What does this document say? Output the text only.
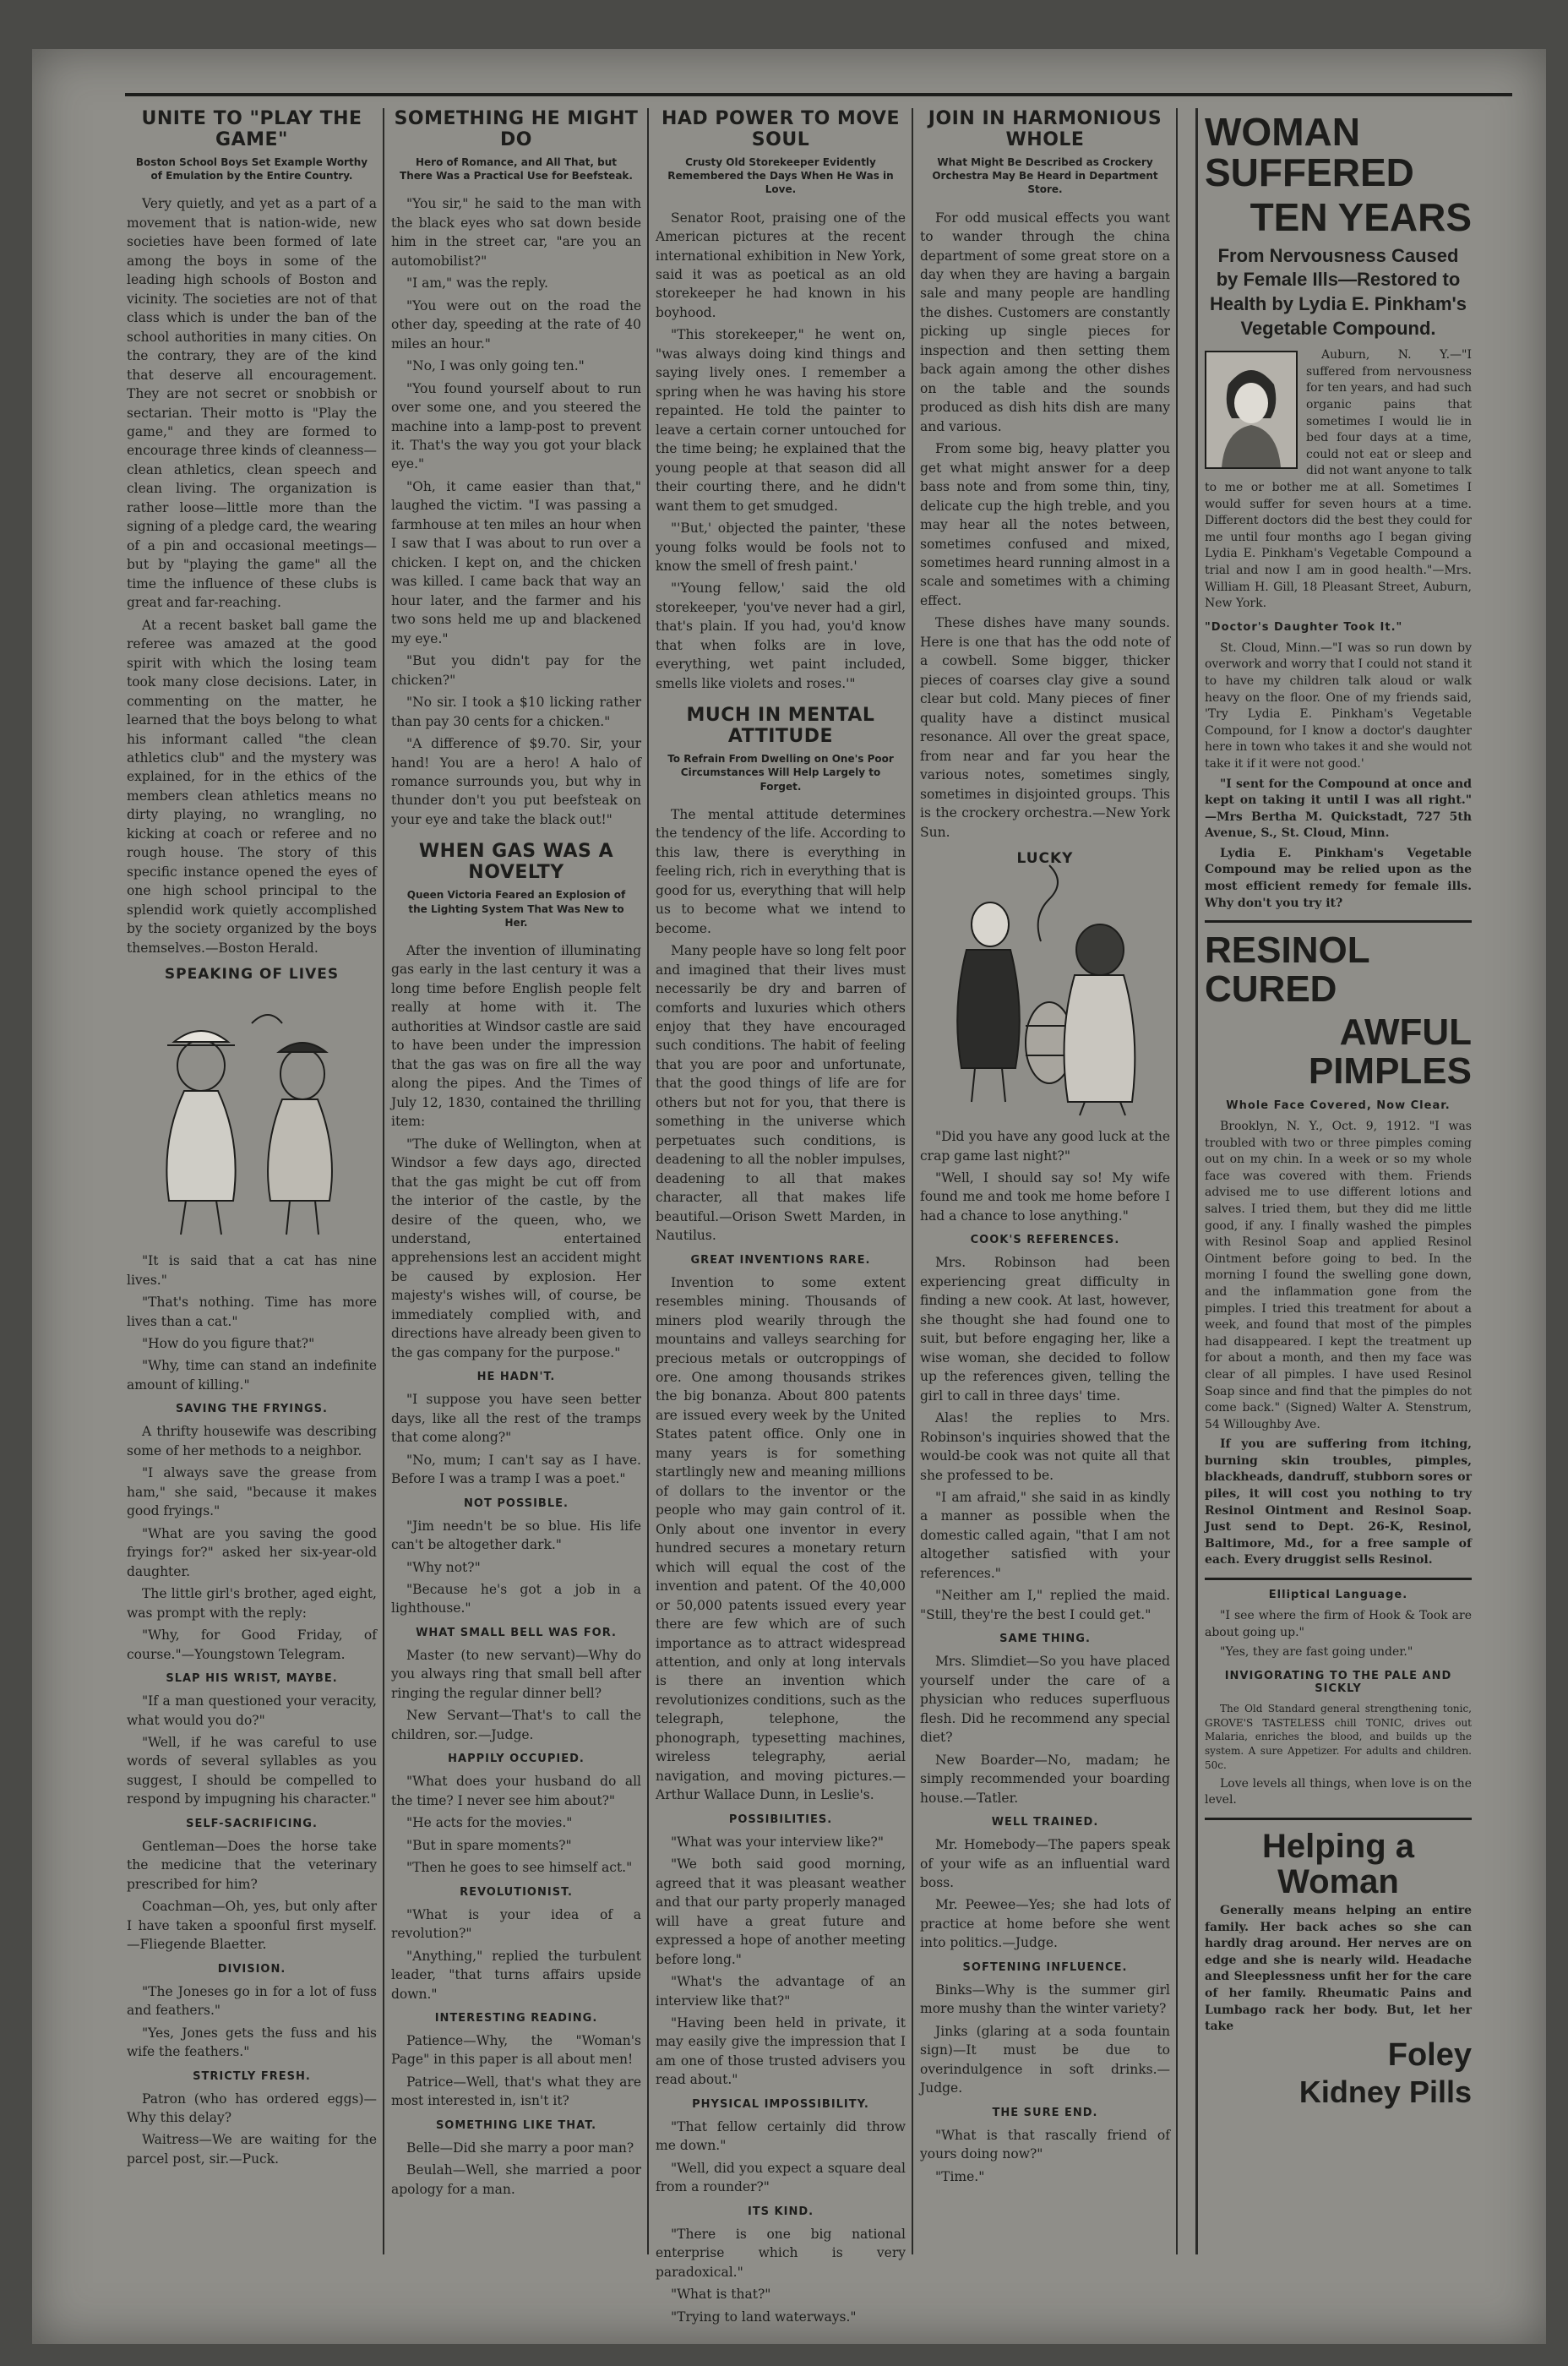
UNITE TO "PLAY THE GAME"
Boston School Boys Set Example Worthy of Emulation by the Entire Country.

Very quietly, and yet as a part of a movement that is nation-wide, new societies have been formed of late among the boys in some of the leading high schools of Boston and vicinity. The societies are not of that class which is under the ban of the school authorities in many cities. On the contrary, they are of the kind that deserve all encouragement. They are not secret or snobbish or sectarian. Their motto is "Play the game," and they are formed to encourage three kinds of cleanness—clean athletics, clean speech and clean living. The organization is rather loose—little more than the signing of a pledge card, the wearing of a pin and occasional meetings—but by "playing the game" all the time the influence of these clubs is great and far-reaching.

At a recent basket ball game the referee was amazed at the good spirit with which the losing team took many close decisions. Later, in commenting on the matter, he learned that the boys belong to what his informant called "the clean athletics club" and the mystery was explained, for in the ethics of the members clean athletics means no dirty playing, no wrangling, no kicking at coach or referee and no rough house. The story of this specific instance opened the eyes of one high school principal to the splendid work quietly accomplished by the society organized by the boys themselves.—Boston Herald.

SPEAKING OF LIVES

"It is said that a cat has nine lives."

"That's nothing. Time has more lives than a cat."

"How do you figure that?"

"Why, time can stand an indefinite amount of killing."

SAVING THE FRYINGS.

A thrifty housewife was describing some of her methods to a neighbor.

"I always save the grease from ham," she said, "because it makes good fryings."

"What are you saving the good fryings for?" asked her six-year-old daughter.

The little girl's brother, aged eight, was prompt with the reply:

"Why, for Good Friday, of course."—Youngstown Telegram.

SLAP HIS WRIST, MAYBE.

"If a man questioned your veracity, what would you do?"

"Well, if he was careful to use words of several syllables as you suggest, I should be compelled to respond by impugning his character."

SELF-SACRIFICING.

Gentleman—Does the horse take the medicine that the veterinary prescribed for him?

Coachman—Oh, yes, but only after I have taken a spoonful first myself.—Fliegende Blaetter.

DIVISION.

"The Joneses go in for a lot of fuss and feathers."

"Yes, Jones gets the fuss and his wife the feathers."

STRICTLY FRESH.

Patron (who has ordered eggs)—Why this delay?

Waitress—We are waiting for the parcel post, sir.—Puck.

SOMETHING HE MIGHT DO
Hero of Romance, and All That, but There Was a Practical Use for Beefsteak.

"You sir," he said to the man with the black eyes who sat down beside him in the street car, "are you an automobilist?"

"I am," was the reply.

"You were out on the road the other day, speeding at the rate of 40 miles an hour."

"No, I was only going ten."

"You found yourself about to run over some one, and you steered the machine into a lamp-post to prevent it. That's the way you got your black eye."

"Oh, it came easier than that," laughed the victim. "I was passing a farmhouse at ten miles an hour when I saw that I was about to run over a chicken. I kept on, and the chicken was killed. I came back that way an hour later, and the farmer and his two sons held me up and blackened my eye."

"But you didn't pay for the chicken?"

"No sir. I took a $10 licking rather than pay 30 cents for a chicken."

"A difference of $9.70. Sir, your hand! You are a hero! A halo of romance surrounds you, but why in thunder don't you put beefsteak on your eye and take the black out!"

WHEN GAS WAS A NOVELTY
Queen Victoria Feared an Explosion of the Lighting System That Was New to Her.

After the invention of illuminating gas early in the last century it was a long time before English people felt really at home with it. The authorities at Windsor castle are said to have been under the impression that the gas was on fire all the way along the pipes. And the Times of July 12, 1830, contained the thrilling item:

"The duke of Wellington, when at Windsor a few days ago, directed that the gas might be cut off from the interior of the castle, by the desire of the queen, who, we understand, entertained apprehensions lest an accident might be caused by explosion. Her majesty's wishes will, of course, be immediately complied with, and directions have already been given to the gas company for the purpose."

HE HADN'T.

"I suppose you have seen better days, like all the rest of the tramps that come along?"

"No, mum; I can't say as I have. Before I was a tramp I was a poet."

NOT POSSIBLE.

"Jim needn't be so blue. His life can't be altogether dark."

"Why not?"

"Because he's got a job in a lighthouse."

WHAT SMALL BELL WAS FOR.

Master (to new servant)—Why do you always ring that small bell after ringing the regular dinner bell?

New Servant—That's to call the children, sor.—Judge.

HAPPILY OCCUPIED.

"What does your husband do all the time? I never see him about?"

"He acts for the movies."

"But in spare moments?"

"Then he goes to see himself act."

REVOLUTIONIST.

"What is your idea of a revolution?"

"Anything," replied the turbulent leader, "that turns affairs upside down."

INTERESTING READING.

Patience—Why, the "Woman's Page" in this paper is all about men!

Patrice—Well, that's what they are most interested in, isn't it?

SOMETHING LIKE THAT.

Belle—Did she marry a poor man?

Beulah—Well, she married a poor apology for a man.

HAD POWER TO MOVE SOUL
Crusty Old Storekeeper Evidently Remembered the Days When He Was in Love.

Senator Root, praising one of the American pictures at the recent international exhibition in New York, said it was as poetical as an old storekeeper he had known in his boyhood.

"This storekeeper," he went on, "was always doing kind things and saying lively ones. I remember a spring when he was having his store repainted. He told the painter to leave a certain corner untouched for the time being; he explained that the young people at that season did all their courting there, and he didn't want them to get smudged.

"'But,' objected the painter, 'these young folks would be fools not to know the smell of fresh paint.'

"'Young fellow,' said the old storekeeper, 'you've never had a girl, that's plain. If you had, you'd know that when folks are in love, everything, wet paint included, smells like violets and roses.'"

MUCH IN MENTAL ATTITUDE
To Refrain From Dwelling on One's Poor Circumstances Will Help Largely to Forget.

The mental attitude determines the tendency of the life. According to this law, there is everything in feeling rich, rich in everything that is good for us, everything that will help us to become what we intend to become.

Many people have so long felt poor and imagined that their lives must necessarily be dry and barren of comforts and luxuries which others enjoy that they have encouraged such conditions. The habit of feeling that you are poor and unfortunate, that the good things of life are for others but not for you, that there is something in the universe which perpetuates such conditions, is deadening to all the nobler impulses, deadening to all that makes character, all that makes life beautiful.—Orison Swett Marden, in Nautilus.

GREAT INVENTIONS RARE.

Invention to some extent resembles mining. Thousands of miners plod wearily through the mountains and valleys searching for precious metals or outcroppings of ore. One among thousands strikes the big bonanza. About 800 patents are issued every week by the United States patent office. Only one in many years is for something startlingly new and meaning millions of dollars to the inventor or the people who may gain control of it. Only about one inventor in every hundred secures a monetary return which will equal the cost of the invention and patent. Of the 40,000 or 50,000 patents issued every year there are few which are of such importance as to attract widespread attention, and only at long intervals is there an invention which revolutionizes conditions, such as the telegraph, telephone, the phonograph, typesetting machines, wireless telegraphy, aerial navigation, and moving pictures.—Arthur Wallace Dunn, in Leslie's.

POSSIBILITIES.

"What was your interview like?"

"We both said good morning, agreed that it was pleasant weather and that our party properly managed will have a great future and expressed a hope of another meeting before long."

"What's the advantage of an interview like that?"

"Having been held in private, it may easily give the impression that I am one of those trusted advisers you read about."

PHYSICAL IMPOSSIBILITY.

"That fellow certainly did throw me down."

"Well, did you expect a square deal from a rounder?"

ITS KIND.

"There is one big national enterprise which is very paradoxical."

"What is that?"

"Trying to land waterways."

JOIN IN HARMONIOUS WHOLE
What Might Be Described as Crockery Orchestra May Be Heard in Department Store.

For odd musical effects you want to wander through the china department of some great store on a day when they are having a bargain sale and many people are handling the dishes. Customers are constantly picking up single pieces for inspection and then setting them back again among the other dishes on the table and the sounds produced as dish hits dish are many and various.

From some big, heavy platter you get what might answer for a deep bass note and from some thin, tiny, delicate cup the high treble, and you may hear all the notes between, sometimes confused and mixed, sometimes heard running almost in a scale and sometimes with a chiming effect.

These dishes have many sounds. Here is one that has the odd note of a cowbell. Some bigger, thicker pieces of coarses clay give a sound clear but cold. Many pieces of finer quality have a distinct musical resonance. All over the great space, from near and far you hear the various notes, sometimes singly, sometimes in disjointed groups. This is the crockery orchestra.—New York Sun.

LUCKY

"Did you have any good luck at the crap game last night?"

"Well, I should say so! My wife found me and took me home before I had a chance to lose anything."

COOK'S REFERENCES.

Mrs. Robinson had been experiencing great difficulty in finding a new cook. At last, however, she thought she had found one to suit, but before engaging her, like a wise woman, she decided to follow up the references given, telling the girl to call in three days' time.

Alas! the replies to Mrs. Robinson's inquiries showed that the would-be cook was not quite all that she professed to be.

"I am afraid," she said in as kindly a manner as possible when the domestic called again, "that I am not altogether satisfied with your references."

"Neither am I," replied the maid. "Still, they're the best I could get."

SAME THING.

Mrs. Slimdiet—So you have placed yourself under the care of a physician who reduces superfluous flesh. Did he recommend any special diet?

New Boarder—No, madam; he simply recommended your boarding house.—Tatler.

WELL TRAINED.

Mr. Homebody—The papers speak of your wife as an influential ward boss.

Mr. Peewee—Yes; she had lots of practice at home before she went into politics.—Judge.

SOFTENING INFLUENCE.

Binks—Why is the summer girl more mushy than the winter variety?

Jinks (glaring at a soda fountain sign)—It must be due to overindulgence in soft drinks.—Judge.

THE SURE END.

"What is that rascally friend of yours doing now?"

"Time."

WOMAN SUFFERED
TEN YEARS
From Nervousness Caused by Female Ills—Restored to Health by Lydia E. Pinkham's Vegetable Compound.

Auburn, N. Y.—"I suffered from nervousness for ten years, and had such organic pains that sometimes I would lie in bed four days at a time, could not eat or sleep and did not want anyone to talk to me or bother me at all. Sometimes I would suffer for seven hours at a time. Different doctors did the best they could for me until four months ago I began giving Lydia E. Pinkham's Vegetable Compound a trial and now I am in good health."—Mrs. William H. Gill, 18 Pleasant Street, Auburn, New York.

"Doctor's Daughter Took It."

St. Cloud, Minn.—"I was so run down by overwork and worry that I could not stand it to have my children talk aloud or walk heavy on the floor. One of my friends said, 'Try Lydia E. Pinkham's Vegetable Compound, for I know a doctor's daughter here in town who takes it and she would not take it if it were not good.'

"I sent for the Compound at once and kept on taking it until I was all right." —Mrs Bertha M. Quickstadt, 727 5th Avenue, S., St. Cloud, Minn.

Lydia E. Pinkham's Vegetable Compound may be relied upon as the most efficient remedy for female ills. Why don't you try it?

RESINOL CURED
AWFUL PIMPLES
Whole Face Covered, Now Clear.

Brooklyn, N. Y., Oct. 9, 1912. "I was troubled with two or three pimples coming out on my chin. In a week or so my whole face was covered with them. Friends advised me to use different lotions and salves. I tried them, but they did me little good, if any. I finally washed the pimples with Resinol Soap and applied Resinol Ointment before going to bed. In the morning I found the swelling gone down, and the inflammation gone from the pimples. I tried this treatment for about a week, and found that most of the pimples had disappeared. I kept the treatment up for about a month, and then my face was clear of all pimples. I have used Resinol Soap since and find that the pimples do not come back." (Signed) Walter A. Stenstrum, 54 Willoughby Ave.

If you are suffering from itching, burning skin troubles, pimples, blackheads, dandruff, stubborn sores or piles, it will cost you nothing to try Resinol Ointment and Resinol Soap. Just send to Dept. 26-K, Resinol, Baltimore, Md., for a free sample of each. Every druggist sells Resinol.

Elliptical Language.

"I see where the firm of Hook & Took are about going up."

"Yes, they are fast going under."

INVIGORATING TO THE PALE AND SICKLY

The Old Standard general strengthening tonic, GROVE'S TASTELESS chill TONIC, drives out Malaria, enriches the blood, and builds up the system. A sure Appetizer. For adults and children. 50c.

Love levels all things, when love is on the level.

Helping a Woman

Generally means helping an entire family. Her back aches so she can hardly drag around. Her nerves are on edge and she is nearly wild. Headache and Sleeplessness unfit her for the care of her family. Rheumatic Pains and Lumbago rack her body. But, let her take

Foley
Kidney Pills
